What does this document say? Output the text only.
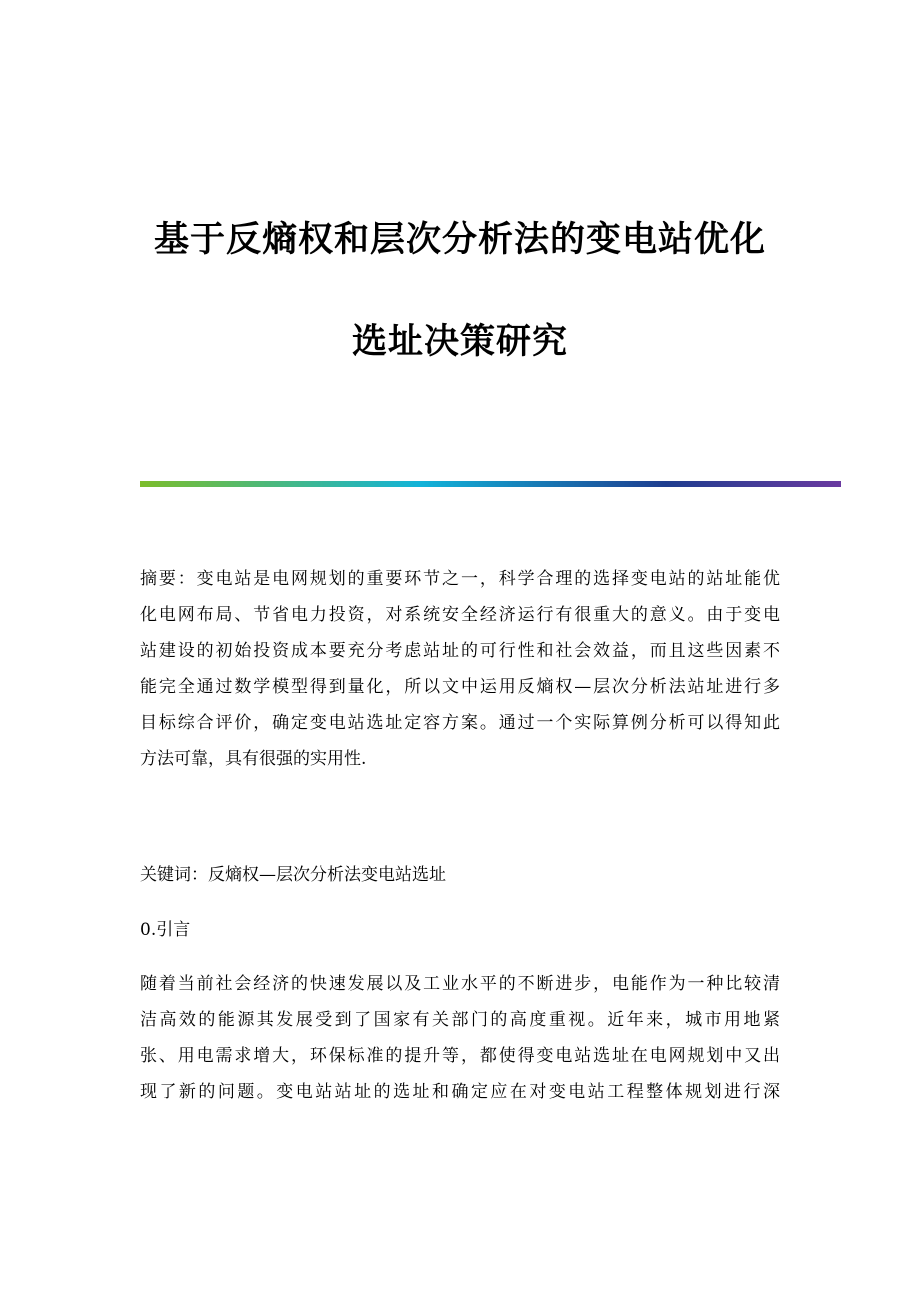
基于反熵权和层次分析法的变电站优化
选址决策研究
摘要：变电站是电网规划的重要环节之一，科学合理的选择变电站的站址能优
化电网布局、节省电力投资，对系统安全经济运行有很重大的意义。由于变电
站建设的初始投资成本要充分考虑站址的可行性和社会效益，而且这些因素不
能完全通过数学模型得到量化，所以文中运用反熵权—层次分析法站址进行多
目标综合评价，确定变电站选址定容方案。通过一个实际算例分析可以得知此
方法可靠，具有很强的实用性.
关键词：反熵权—层次分析法变电站选址
0.引言
随着当前社会经济的快速发展以及工业水平的不断进步，电能作为一种比较清
洁高效的能源其发展受到了国家有关部门的高度重视。近年来，城市用地紧
张、用电需求增大，环保标准的提升等，都使得变电站选址在电网规划中又出
现了新的问题。变电站站址的选址和确定应在对变电站工程整体规划进行深
